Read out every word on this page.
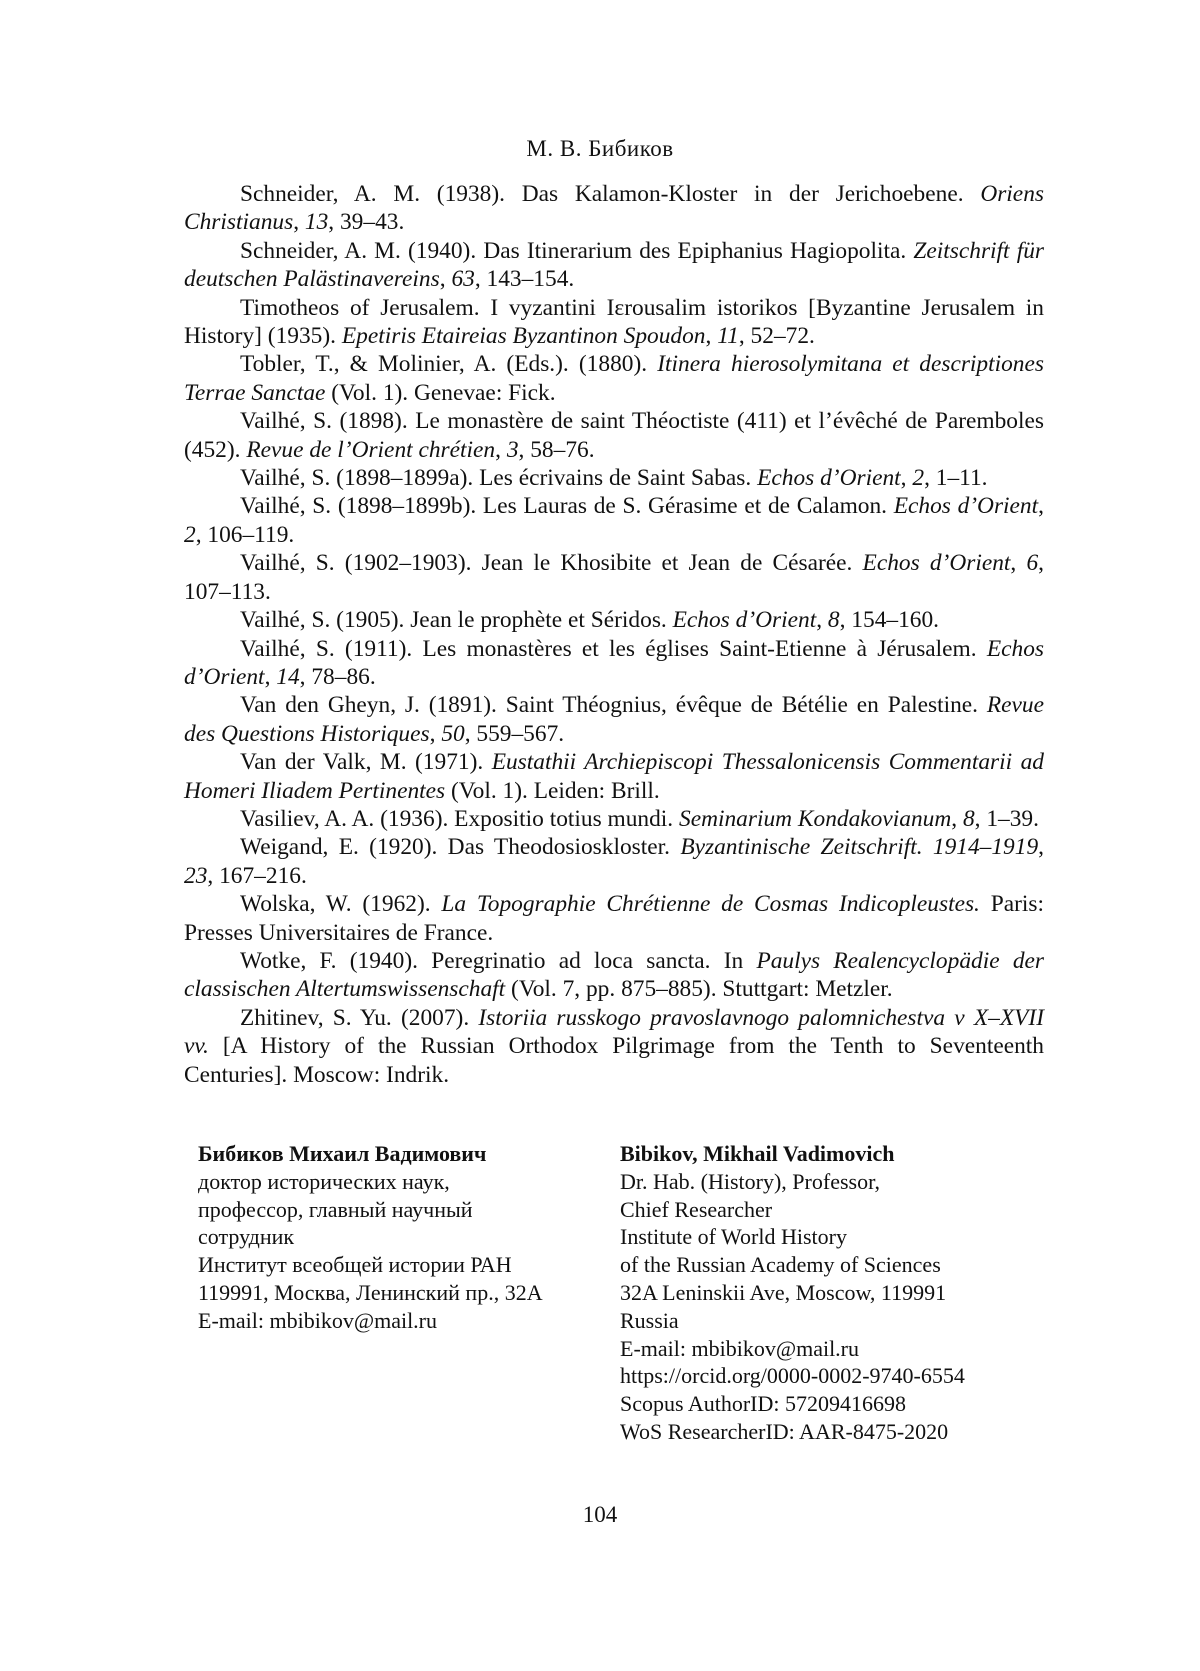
М. В. Бибиков

Schneider, A. M. (1938). Das Kalamon-Kloster in der Jerichoebene. Oriens Christianus, 13, 39–43.

Schneider, A. M. (1940). Das Itinerarium des Epiphanius Hagiopolita. Zeitschrift für deutschen Palästinavereins, 63, 143–154.

Timotheos of Jerusalem. I vyzantini Iɛrousalim istorikos [Byzantine Jerusalem in History] (1935). Epetiris Etaireias Byzantinon Spoudon, 11, 52–72.

Tobler, T., & Molinier, A. (Eds.). (1880). Itinera hierosolymitana et descriptiones Terrae Sanctae (Vol. 1). Genevae: Fick.

Vailhé, S. (1898). Le monastère de saint Théoctiste (411) et l’évêché de Paremboles (452). Revue de l’Orient chrétien, 3, 58–76.

Vailhé, S. (1898–1899a). Les écrivains de Saint Sabas. Echos d’Orient, 2, 1–11.

Vailhé, S. (1898–1899b). Les Lauras de S. Gérasime et de Calamon. Echos d’Orient, 2, 106–119.

Vailhé, S. (1902–1903). Jean le Khosibite et Jean de Césarée. Echos d’Orient, 6, 107–113.

Vailhé, S. (1905). Jean le prophète et Séridos. Echos d’Orient, 8, 154–160.

Vailhé, S. (1911). Les monastères et les églises Saint-Etienne à Jérusalem. Echos d’Orient, 14, 78–86.

Van den Gheyn, J. (1891). Saint Théognius, évêque de Bétélie en Palestine. Revue des Questions Historiques, 50, 559–567.

Van der Valk, M. (1971). Eustathii Archiepiscopi Thessalonicensis Commentarii ad Homeri Iliadem Pertinentes (Vol. 1). Leiden: Brill.

Vasiliev, A. A. (1936). Expositio totius mundi. Seminarium Kondakovianum, 8, 1–39.

Weigand, E. (1920). Das Theodosioskloster. Byzantinische Zeitschrift. 1914–1919, 23, 167–216.

Wolska, W. (1962). La Topographie Chrétienne de Cosmas Indicopleustes. Paris: Presses Universitaires de France.

Wotke, F. (1940). Peregrinatio ad loca sancta. In Paulys Realencyclopädie der classischen Altertumswissenschaft (Vol. 7, pp. 875–885). Stuttgart: Metzler.

Zhitinev, S. Yu. (2007). Istoriia russkogo pravoslavnogo palomnichestva v X–XVII vv. [A History of the Russian Orthodox Pilgrimage from the Tenth to Seventeenth Centuries]. Moscow: Indrik.

Бибиков Михаил Вадимович
доктор исторических наук,
профессор, главный научный
сотрудник
Институт всеобщей истории РАН
119991, Москва, Ленинский пр., 32А
E-mail: mbibikov@mail.ru
Bibikov, Mikhail Vadimovich
Dr. Hab. (History), Professor,
Chief Researcher
Institute of World History
of the Russian Academy of Sciences
32A Leninskii Ave, Moscow, 119991
Russia
E-mail: mbibikov@mail.ru
https://orcid.org/0000-0002-9740-6554
Scopus AuthorID: 57209416698
WoS ResearcherID: AAR-8475-2020
104
